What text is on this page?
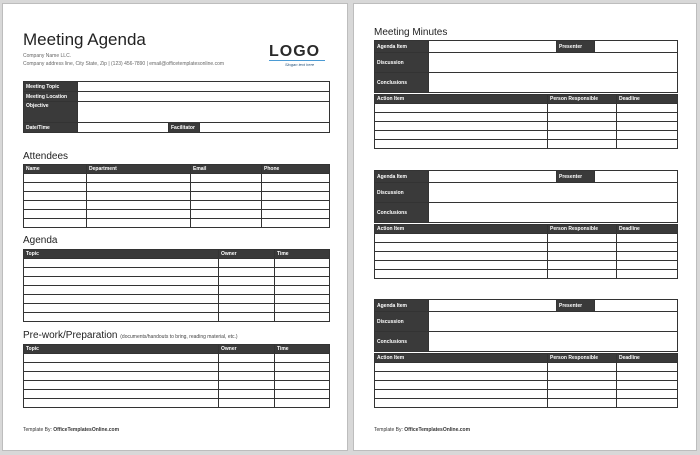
Meeting Agenda
Company Name LLC.
Company address line, City State, Zip | (123) 456-7890 | email@officetemplatesonline.com
LOGO
Slogan text here
Meeting Topic			
Meeting Location			
Objective			
Date/Time		Facilitator	
Attendees
Name	Department	Email	Phone

Agenda
Topic	Owner	Time

Pre-work/Preparation (documents/handouts to bring, reading material, etc.)
Topic	Owner	Time

Template By: OfficeTemplatesOnline.com
Meeting Minutes
Agenda Item		Presenter	
Discussion			
Conclusions			
Action Item	Person Responsible	Deadline

Agenda Item		Presenter	
Discussion			
Conclusions			
Action Item	Person Responsible	Deadline

Agenda Item		Presenter	
Discussion			
Conclusions			
Action Item	Person Responsible	Deadline

Template By: OfficeTemplatesOnline.com
